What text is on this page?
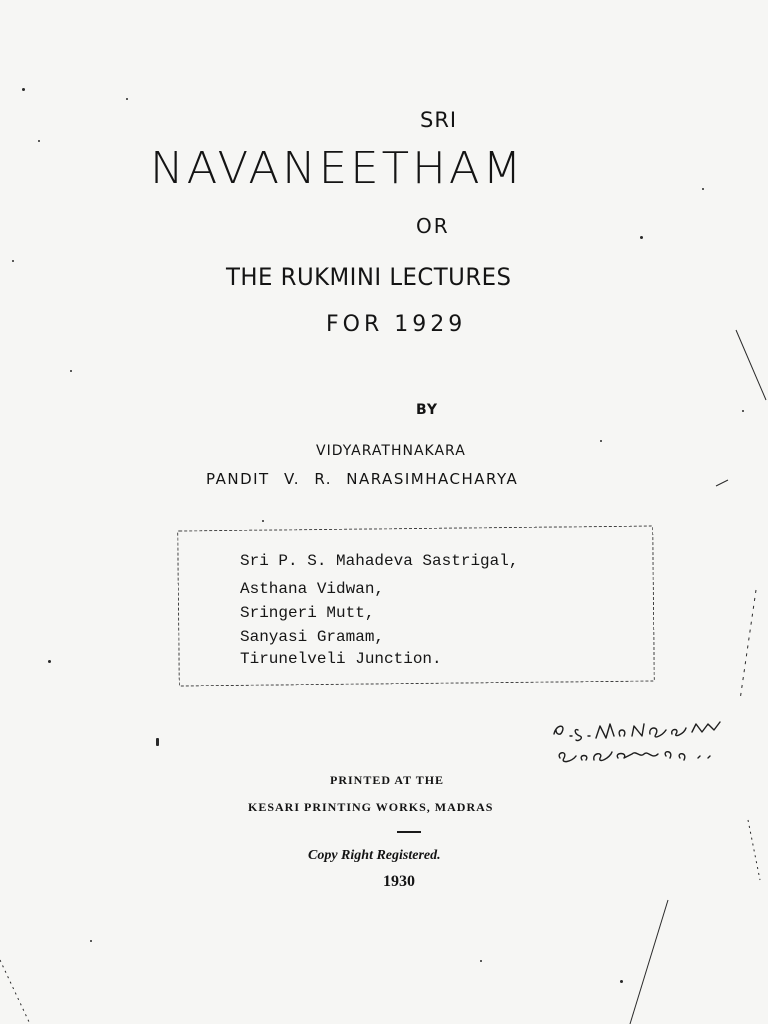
SRI
NAVANEETHAM
OR
THE RUKMINI LECTURES
FOR 1929
BY
VIDYARATHNAKARA
PANDIT V. R. NARASIMHACHARYA
Sri P. S. Mahadeva Sastrigal,
Asthana Vidwan,
Sringeri Mutt,
Sanyasi Gramam,
Tirunelveli Junction.
PRINTED AT THE
KESARI PRINTING WORKS, MADRAS
Copy Right Registered.
1930
